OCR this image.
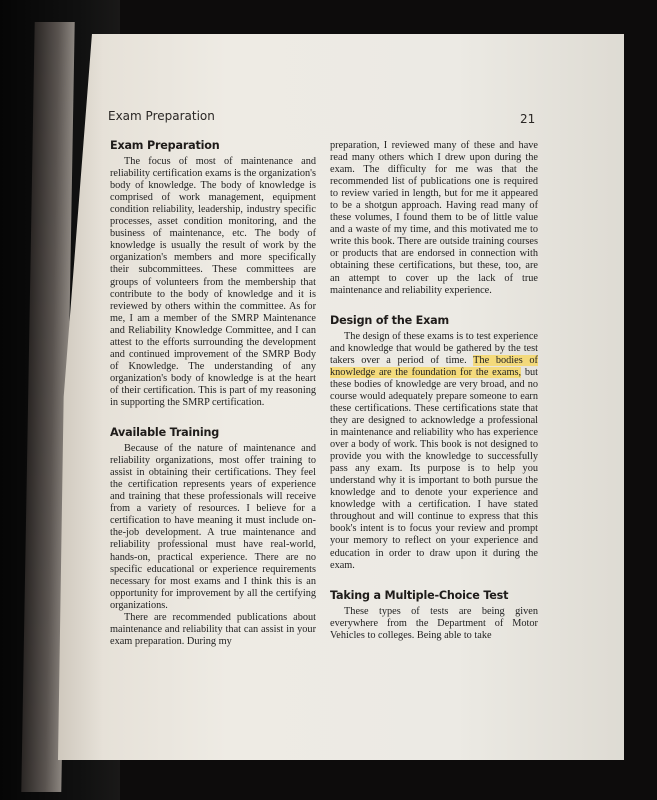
Exam Preparation	21
Exam Preparation

The focus of most of maintenance and reliability certification exams is the organization's body of knowledge. The body of knowledge is comprised of work management, equipment condition reliability, leadership, industry specific processes, asset condition monitoring, and the business of maintenance, etc. The body of knowledge is usually the result of work by the organization's members and more specifically their subcommittees. These committees are groups of volunteers from the membership that contribute to the body of knowledge and it is reviewed by others within the committee. As for me, I am a member of the SMRP Maintenance and Reliability Knowledge Committee, and I can attest to the efforts surrounding the development and continued improvement of the SMRP Body of Knowledge. The understanding of any organization's body of knowledge is at the heart of their certification. This is part of my reasoning in supporting the SMRP certification.

Available Training

Because of the nature of maintenance and reliability organizations, most offer training to assist in obtaining their certifications. They feel the certification represents years of experience and training that these professionals will receive from a variety of resources. I believe for a certification to have meaning it must include on-the-job development. A true maintenance and reliability professional must have real-world, hands-on, practical experience. There are no specific educational or experience requirements necessary for most exams and I think this is an opportunity for improvement by all the certifying organizations.

There are recommended publications about maintenance and reliability that can assist in your exam preparation. During my

preparation, I reviewed many of these and have read many others which I drew upon during the exam. The difficulty for me was that the recommended list of publications one is required to review varied in length, but for me it appeared to be a shotgun approach. Having read many of these volumes, I found them to be of little value and a waste of my time, and this motivated me to write this book. There are outside training courses or products that are endorsed in connection with obtaining these certifications, but these, too, are an attempt to cover up the lack of true maintenance and reliability experience.

Design of the Exam

The design of these exams is to test experience and knowledge that would be gathered by the test takers over a period of time. The bodies of knowledge are the foundation for the exams, but these bodies of knowledge are very broad, and no course would adequately prepare someone to earn these certifications. These certifications state that they are designed to acknowledge a professional in maintenance and reliability who has experience over a body of work. This book is not designed to provide you with the knowledge to successfully pass any exam. Its purpose is to help you understand why it is important to both pursue the knowledge and to denote your experience and knowledge with a certification. I have stated throughout and will continue to express that this book's intent is to focus your review and prompt your memory to reflect on your experience and education in order to draw upon it during the exam.

Taking a Multiple-Choice Test

These types of tests are being given everywhere from the Department of Motor Vehicles to colleges. Being able to take
